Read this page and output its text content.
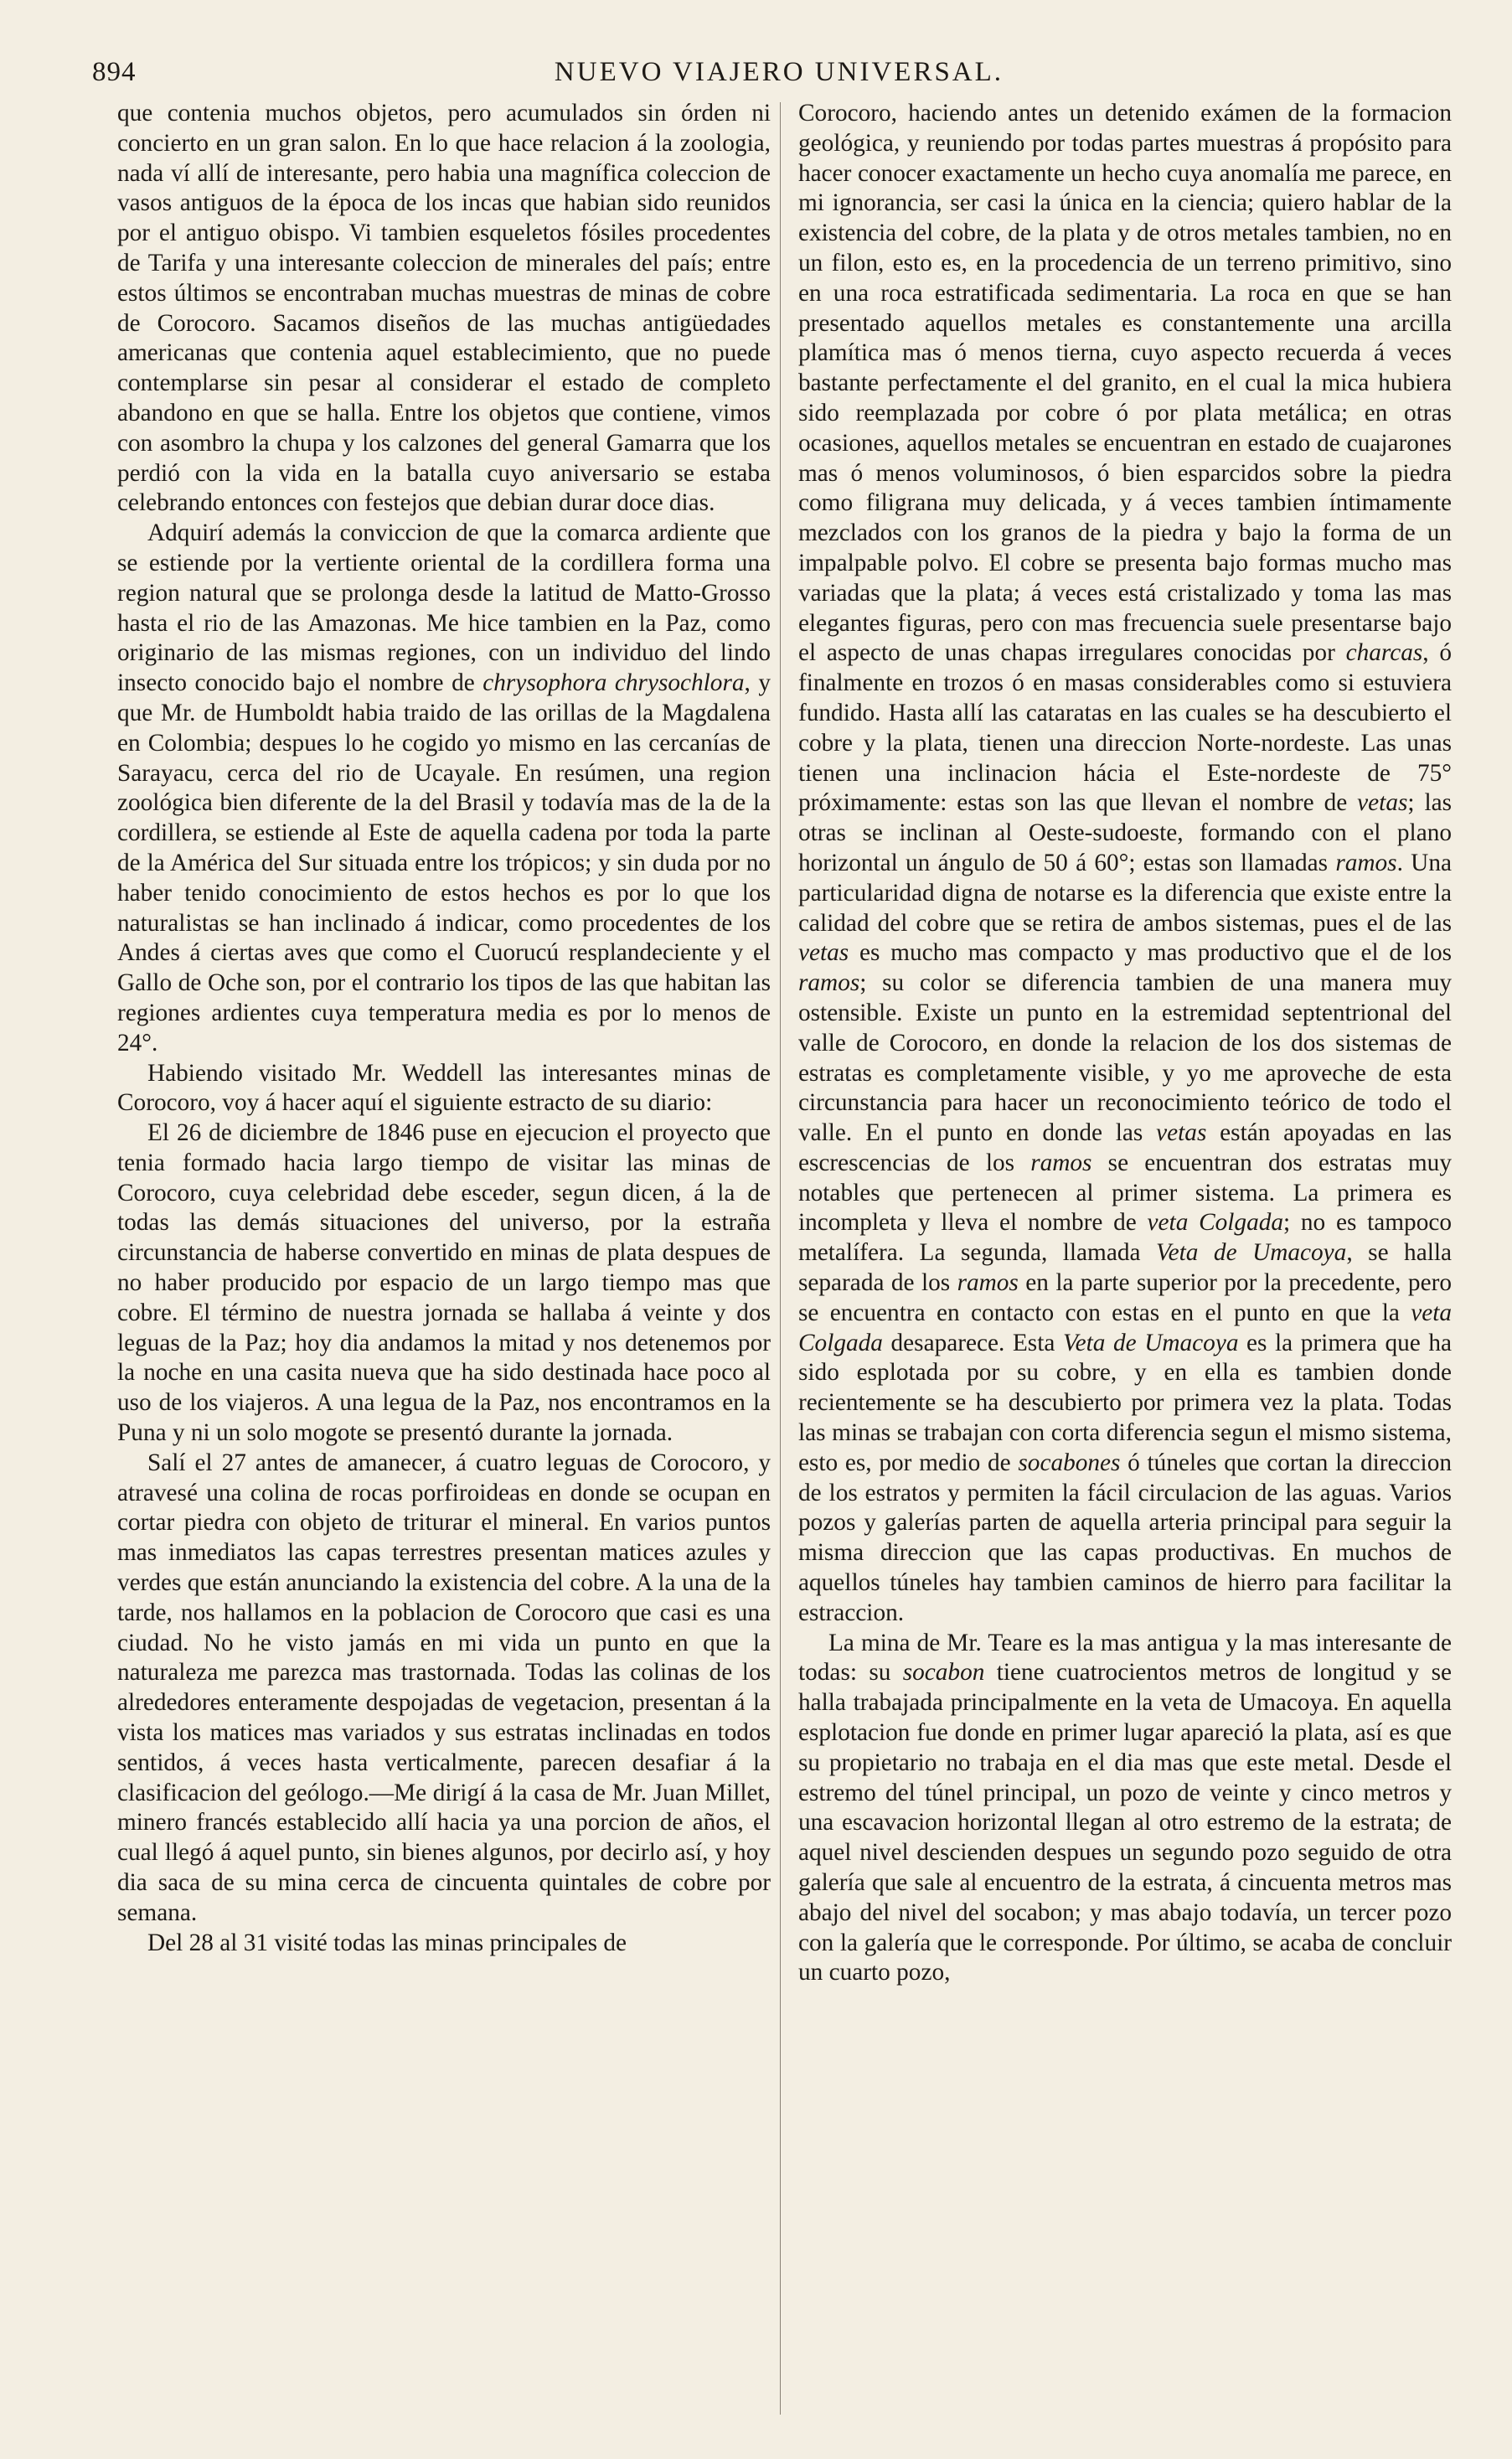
894	NUEVO VIAJERO UNIVERSAL.

que contenia muchos objetos, pero acumulados sin órden ni concierto en un gran salon. En lo que hace relacion á la zoologia, nada ví allí de interesante, pero habia una magnífica coleccion de vasos antiguos de la época de los incas que habian sido reunidos por el antiguo obispo. Vi tambien esqueletos fósiles procedentes de Tarifa y una interesante coleccion de minerales del país; entre estos últimos se encontraban muchas muestras de minas de cobre de Corocoro. Sacamos diseños de las muchas antigüedades americanas que contenia aquel establecimiento, que no puede contemplarse sin pesar al considerar el estado de completo abandono en que se halla. Entre los objetos que contiene, vimos con asombro la chupa y los calzones del general Gamarra que los perdió con la vida en la batalla cuyo aniversario se estaba celebrando entonces con festejos que debian durar doce dias.

Adquirí además la conviccion de que la comarca ardiente que se estiende por la vertiente oriental de la cordillera forma una region natural que se prolonga desde la latitud de Matto-Grosso hasta el rio de las Amazonas. Me hice tambien en la Paz, como originario de las mismas regiones, con un individuo del lindo insecto conocido bajo el nombre de chrysophora chrysochlora, y que Mr. de Humboldt habia traido de las orillas de la Magdalena en Colombia; despues lo he cogido yo mismo en las cercanías de Sarayacu, cerca del rio de Ucayale. En resúmen, una region zoológica bien diferente de la del Brasil y todavía mas de la de la cordillera, se estiende al Este de aquella cadena por toda la parte de la América del Sur situada entre los trópicos; y sin duda por no haber tenido conocimiento de estos hechos es por lo que los naturalistas se han inclinado á indicar, como procedentes de los Andes á ciertas aves que como el Cuorucú resplandeciente y el Gallo de Oche son, por el contrario los tipos de las que habitan las regiones ardientes cuya temperatura media es por lo menos de 24°.

Habiendo visitado Mr. Weddell las interesantes minas de Corocoro, voy á hacer aquí el siguiente estracto de su diario:

El 26 de diciembre de 1846 puse en ejecucion el proyecto que tenia formado hacia largo tiempo de visitar las minas de Corocoro, cuya celebridad debe esceder, segun dicen, á la de todas las demás situaciones del universo, por la estraña circunstancia de haberse convertido en minas de plata despues de no haber producido por espacio de un largo tiempo mas que cobre. El término de nuestra jornada se hallaba á veinte y dos leguas de la Paz; hoy dia andamos la mitad y nos detenemos por la noche en una casita nueva que ha sido destinada hace poco al uso de los viajeros. A una legua de la Paz, nos encontramos en la Puna y ni un solo mogote se presentó durante la jornada.

Salí el 27 antes de amanecer, á cuatro leguas de Corocoro, y atravesé una colina de rocas porfiroideas en donde se ocupan en cortar piedra con objeto de triturar el mineral. En varios puntos mas inmediatos las capas terrestres presentan matices azules y verdes que están anunciando la existencia del cobre. A la una de la tarde, nos hallamos en la poblacion de Corocoro que casi es una ciudad. No he visto jamás en mi vida un punto en que la naturaleza me parezca mas trastornada. Todas las colinas de los alrededores enteramente despojadas de vegetacion, presentan á la vista los matices mas variados y sus estratas inclinadas en todos sentidos, á veces hasta verticalmente, parecen desafiar á la clasificacion del geólogo.—Me dirigí á la casa de Mr. Juan Millet, minero francés establecido allí hacia ya una porcion de años, el cual llegó á aquel punto, sin bienes algunos, por decirlo así, y hoy dia saca de su mina cerca de cincuenta quintales de cobre por semana.

Del 28 al 31 visité todas las minas principales de

Corocoro, haciendo antes un detenido exámen de la formacion geológica, y reuniendo por todas partes muestras á propósito para hacer conocer exactamente un hecho cuya anomalía me parece, en mi ignorancia, ser casi la única en la ciencia; quiero hablar de la existencia del cobre, de la plata y de otros metales tambien, no en un filon, esto es, en la procedencia de un terreno primitivo, sino en una roca estratificada sedimentaria. La roca en que se han presentado aquellos metales es constantemente una arcilla plamítica mas ó menos tierna, cuyo aspecto recuerda á veces bastante perfectamente el del granito, en el cual la mica hubiera sido reemplazada por cobre ó por plata metálica; en otras ocasiones, aquellos metales se encuentran en estado de cuajarones mas ó menos voluminosos, ó bien esparcidos sobre la piedra como filigrana muy delicada, y á veces tambien íntimamente mezclados con los granos de la piedra y bajo la forma de un impalpable polvo. El cobre se presenta bajo formas mucho mas variadas que la plata; á veces está cristalizado y toma las mas elegantes figuras, pero con mas frecuencia suele presentarse bajo el aspecto de unas chapas irregulares conocidas por charcas, ó finalmente en trozos ó en masas considerables como si estuviera fundido. Hasta allí las cataratas en las cuales se ha descubierto el cobre y la plata, tienen una direccion Norte-nordeste. Las unas tienen una inclinacion hácia el Este-nordeste de 75° próximamente: estas son las que llevan el nombre de vetas; las otras se inclinan al Oeste-sudoeste, formando con el plano horizontal un ángulo de 50 á 60°; estas son llamadas ramos. Una particularidad digna de notarse es la diferencia que existe entre la calidad del cobre que se retira de ambos sistemas, pues el de las vetas es mucho mas compacto y mas productivo que el de los ramos; su color se diferencia tambien de una manera muy ostensible. Existe un punto en la estremidad septentrional del valle de Corocoro, en donde la relacion de los dos sistemas de estratas es completamente visible, y yo me aproveche de esta circunstancia para hacer un reconocimiento teórico de todo el valle. En el punto en donde las vetas están apoyadas en las escrescencias de los ramos se encuentran dos estratas muy notables que pertenecen al primer sistema. La primera es incompleta y lleva el nombre de veta Colgada; no es tampoco metalífera. La segunda, llamada Veta de Umacoya, se halla separada de los ramos en la parte superior por la precedente, pero se encuentra en contacto con estas en el punto en que la veta Colgada desaparece. Esta Veta de Umacoya es la primera que ha sido esplotada por su cobre, y en ella es tambien donde recientemente se ha descubierto por primera vez la plata. Todas las minas se trabajan con corta diferencia segun el mismo sistema, esto es, por medio de socabones ó túneles que cortan la direccion de los estratos y permiten la fácil circulacion de las aguas. Varios pozos y galerías parten de aquella arteria principal para seguir la misma direccion que las capas productivas. En muchos de aquellos túneles hay tambien caminos de hierro para facilitar la estraccion.

La mina de Mr. Teare es la mas antigua y la mas interesante de todas: su socabon tiene cuatrocientos metros de longitud y se halla trabajada principalmente en la veta de Umacoya. En aquella esplotacion fue donde en primer lugar apareció la plata, así es que su propietario no trabaja en el dia mas que este metal. Desde el estremo del túnel principal, un pozo de veinte y cinco metros y una escavacion horizontal llegan al otro estremo de la estrata; de aquel nivel descienden despues un segundo pozo seguido de otra galería que sale al encuentro de la estrata, á cincuenta metros mas abajo del nivel del socabon; y mas abajo todavía, un tercer pozo con la galería que le corresponde. Por último, se acaba de concluir un cuarto pozo,
